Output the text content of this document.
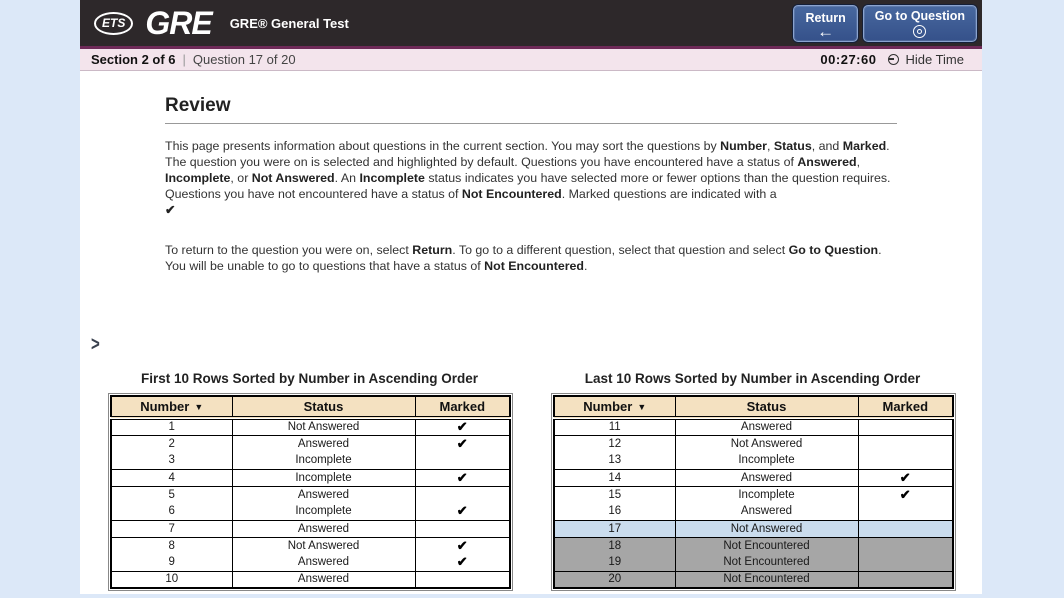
ETS GRE GRE® General Test	Return
←
Go to Question
Section 2 of 6 | Question 17 of 20	00:27:60 Hide Time
Review

This page presents information about questions in the current section. You may sort the questions by Number, Status, and Marked. The question you were on is selected and highlighted by default. Questions you have encountered have a status of Answered, Incomplete, or Not Answered. An Incomplete status indicates you have selected more or fewer options than the question requires. Questions you have not encountered have a status of Not Encountered. Marked questions are indicated with a
✔

To return to the question you were on, select Return. To go to a different question, select that question and select Go to Question. You will be unable to go to questions that have a status of Not Encountered.

>
First 10 Rows Sorted by Number in Ascending Order
Number ▼	Status	Marked
1	Not Answered	✔
2	Answered	✔
3	Incomplete	
4	Incomplete	✔
5	Answered	
6	Incomplete	✔
7	Answered	
8	Not Answered	✔
9	Answered	✔
10	Answered	
Last 10 Rows Sorted by Number in Ascending Order
Number ▼	Status	Marked
11	Answered	
12	Not Answered	
13	Incomplete	
14	Answered	✔
15	Incomplete	✔
16	Answered	
17	Not Answered	
18	Not Encountered	
19	Not Encountered	
20	Not Encountered	
